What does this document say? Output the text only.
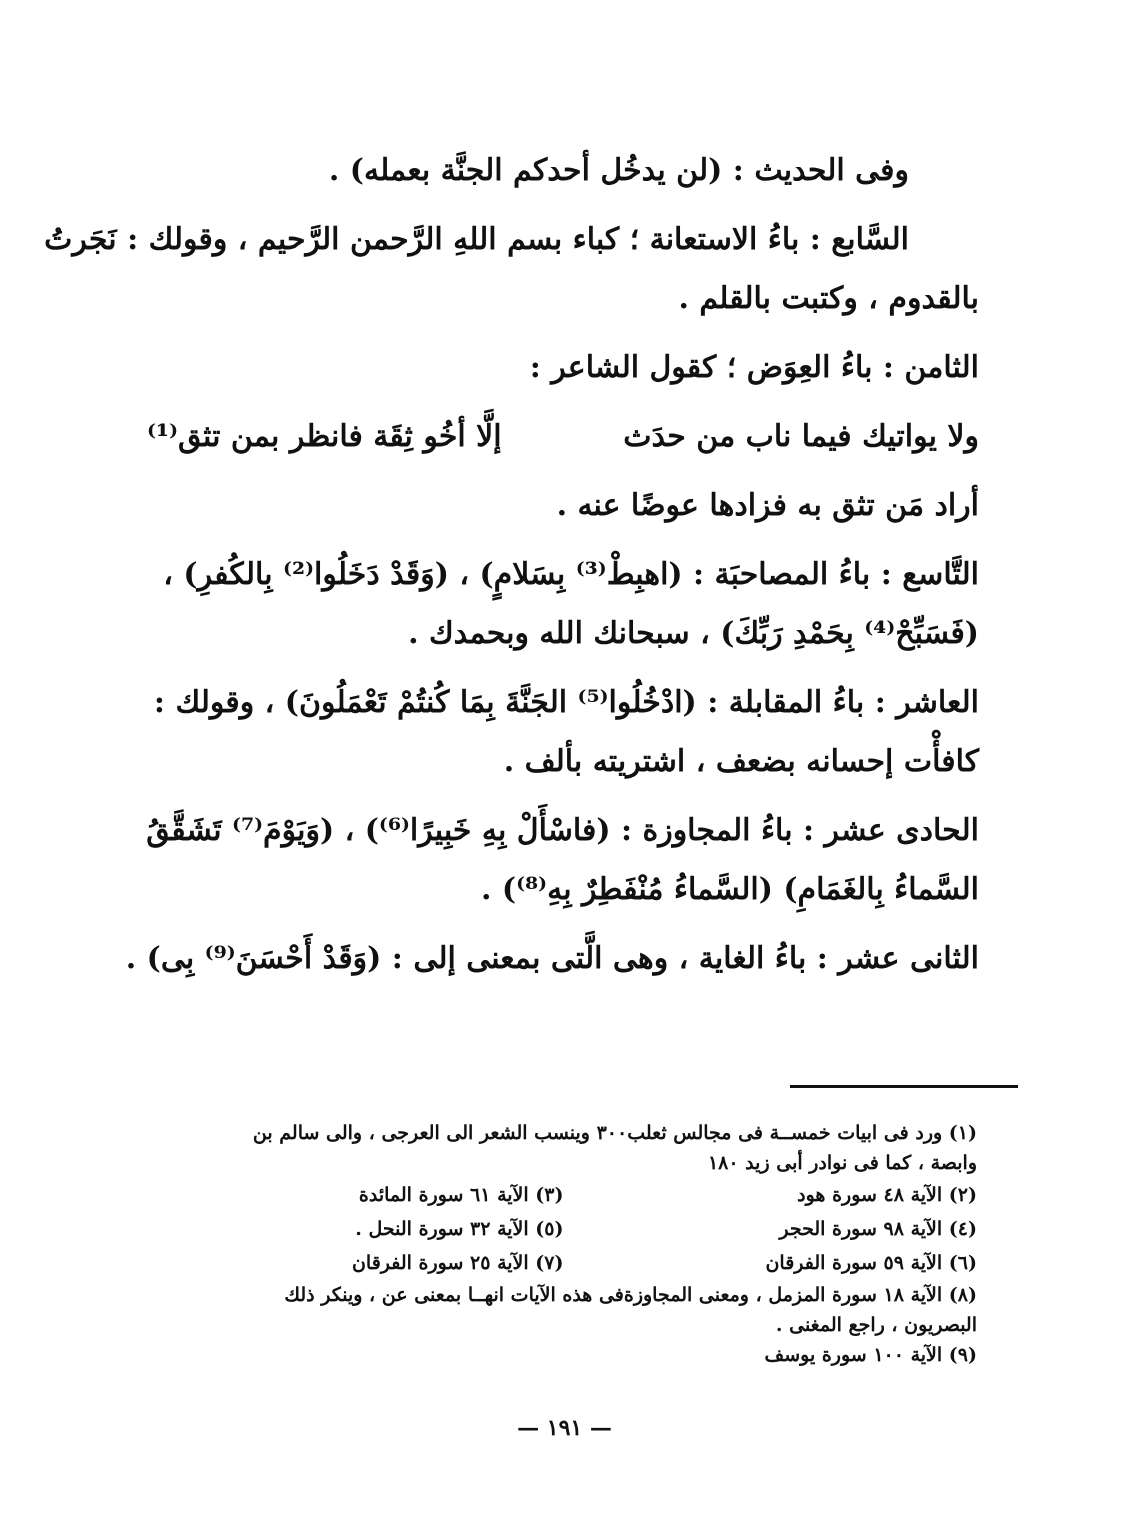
وفى الحديث : (لن يدخُل أحدكم الجنَّة بعمله) .
السَّابع : باءُ الاستعانة ؛ كباء بسم اللهِ الرَّحمن الرَّحيم ، وقولك : نَجَرتُ
بالقدوم ، وكتبت بالقلم .
الثامن : باءُ العِوَض ؛ كقول الشاعر :
ولا يواتيك فيما ناب من حدَث
إلَّا أخُو ثِقَة فانظر بمن تثق⁽¹⁾
أراد مَن تثق به فزادها عوضًا عنه .
التَّاسع : باءُ المصاحبَة : (اهبِطْ⁽³⁾ بِسَلامٍ) ، (وَقَدْ دَخَلُوا⁽²⁾ بِالكُفرِ) ،
(فَسَبِّحْ⁽⁴⁾ بِحَمْدِ رَبِّكَ) ، سبحانك الله وبحمدك .
العاشر : باءُ المقابلة : (ادْخُلُوا⁽⁵⁾ الجَنَّةَ بِمَا كُنتُمْ تَعْمَلُونَ) ، وقولك :
كافأْت إحسانه بضعف ، اشتريته بألف .
الحادى عشر : باءُ المجاوزة : (فاسْأَلْ بِهِ خَبِيرًا⁽⁶⁾) ، (وَيَوْمَ⁽⁷⁾ تَشَقَّقُ
السَّماءُ بِالغَمَامِ) (السَّماءُ مُنْفَطِرٌ بِهِ⁽⁸⁾) .
الثانى عشر : باءُ الغاية ، وهى الَّتى بمعنى إلى : (وَقَدْ أَحْسَنَ⁽⁹⁾ بِى) .
(١) ورد فى ابيات خمســة فى مجالس ثعلب٣٠٠ وينسب الشعر الى العرجى ، والى سالم بن
وابصة ، كما فى نوادر أبى زيد ١٨٠
(٢) الآية ٤٨ سورة هود
(٣) الآية ٦١ سورة المائدة
(٤) الآية ٩٨ سورة الحجر
(٥) الآية ٣٢ سورة النحل .
(٦) الآية ٥٩ سورة الفرقان
(٧) الآية ٢٥ سورة الفرقان
(٨) الآية ١٨ سورة المزمل ، ومعنى المجاوزةفى هذه الآيات انهــا بمعنى عن ، وينكر ذلك
البصريون ، راجع المغنى .
(٩) الآية ١٠٠ سورة يوسف
— ١٩١ —
